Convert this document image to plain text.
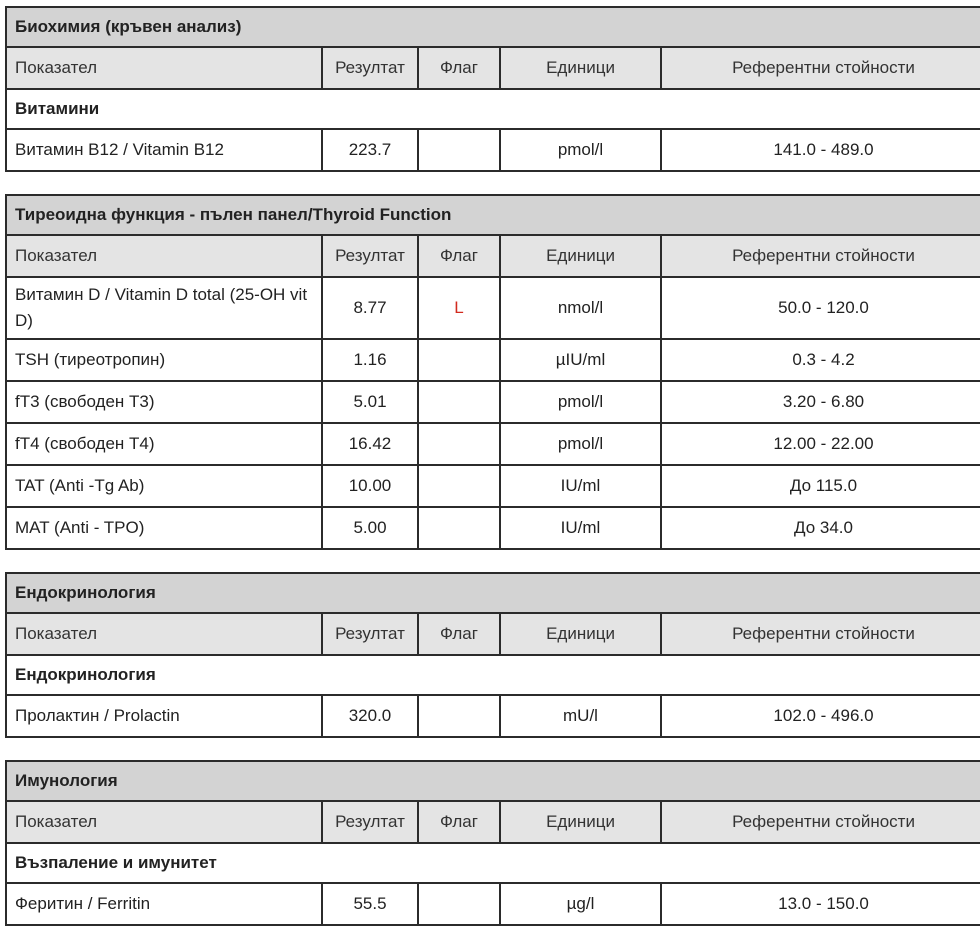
Биохимия (кръвен анализ)				
Показател	Резултат	Флаг	Единици	Референтни стойности
Витамини				
Витамин B12 / Vitamin B12	223.7		pmol/l	141.0 - 489.0
Тиреоидна функция - пълен панел/Thyroid Function				
Показател	Резултат	Флаг	Единици	Референтни стойности
Витамин D / Vitamin D total (25-OH vit D)	8.77	L	nmol/l	50.0 - 120.0
TSH (тиреотропин)	1.16		µIU/ml	0.3 - 4.2
fT3 (свободен Т3)	5.01		pmol/l	3.20 - 6.80
fT4 (свободен Т4)	16.42		pmol/l	12.00 - 22.00
TAT (Anti -Tg Ab)	10.00		IU/ml	До 115.0
MAT (Anti - TPO)	5.00		IU/ml	До 34.0
Ендокринология				
Показател	Резултат	Флаг	Единици	Референтни стойности
Ендокринология				
Пролактин / Prolactin	320.0		mU/l	102.0 - 496.0
Имунология				
Показател	Резултат	Флаг	Единици	Референтни стойности
Възпаление и имунитет				
Феритин / Ferritin	55.5		µg/l	13.0 - 150.0
